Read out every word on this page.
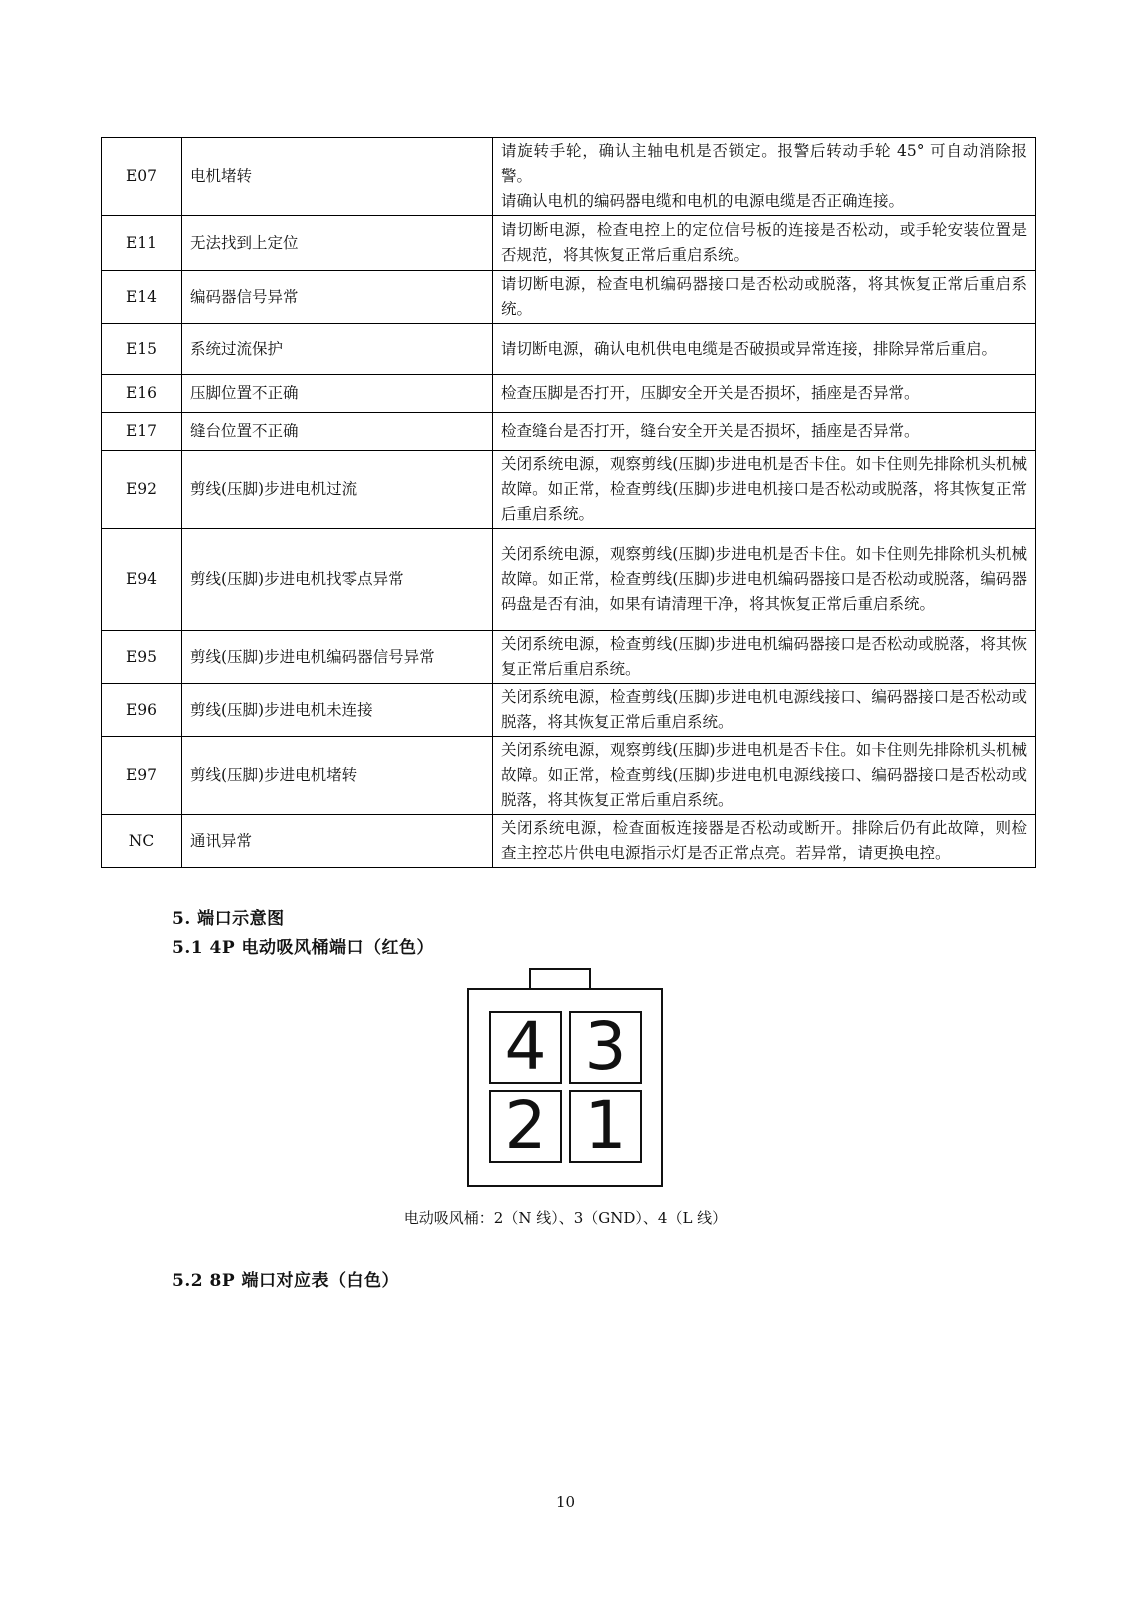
E07	电机堵转	请旋转手轮，确认主轴电机是否锁定。报警后转动手轮 45° 可自动消除报警。
请确认电机的编码器电缆和电机的电源电缆是否正确连接。

E11	无法找到上定位	请切断电源，检查电控上的定位信号板的连接是否松动，或手轮安装位置是否规范，将其恢复正常后重启系统。

E14	编码器信号异常	请切断电源，检查电机编码器接口是否松动或脱落，将其恢复正常后重启系统。

E15	系统过流保护	请切断电源，确认电机供电电缆是否破损或异常连接，排除异常后重启。

E16	压脚位置不正确	检查压脚是否打开，压脚安全开关是否损坏，插座是否异常。

E17	缝台位置不正确	检查缝台是否打开，缝台安全开关是否损坏，插座是否异常。

E92	剪线(压脚)步进电机过流	关闭系统电源，观察剪线(压脚)步进电机是否卡住。如卡住则先排除机头机械故障。如正常，检查剪线(压脚)步进电机接口是否松动或脱落，将其恢复正常后重启系统。

E94	剪线(压脚)步进电机找零点异常	关闭系统电源，观察剪线(压脚)步进电机是否卡住。如卡住则先排除机头机械故障。如正常，检查剪线(压脚)步进电机编码器接口是否松动或脱落，编码器码盘是否有油，如果有请清理干净，将其恢复正常后重启系统。

E95	剪线(压脚)步进电机编码器信号异常	关闭系统电源，检查剪线(压脚)步进电机编码器接口是否松动或脱落，将其恢复正常后重启系统。

E96	剪线(压脚)步进电机未连接	关闭系统电源，检查剪线(压脚)步进电机电源线接口、编码器接口是否松动或脱落，将其恢复正常后重启系统。

E97	剪线(压脚)步进电机堵转	关闭系统电源，观察剪线(压脚)步进电机是否卡住。如卡住则先排除机头机械故障。如正常，检查剪线(压脚)步进电机电源线接口、编码器接口是否松动或脱落，将其恢复正常后重启系统。

NC	通讯异常	关闭系统电源，检查面板连接器是否松动或断开。排除后仍有此故障，则检查主控芯片供电电源指示灯是否正常点亮。若异常，请更换电控。
5. 端口示意图
5.1 4P 电动吸风桶端口（红色）
4 3
2 1
电动吸风桶：2（N 线）、3（GND）、4（L 线）
5.2 8P 端口对应表（白色）
10
